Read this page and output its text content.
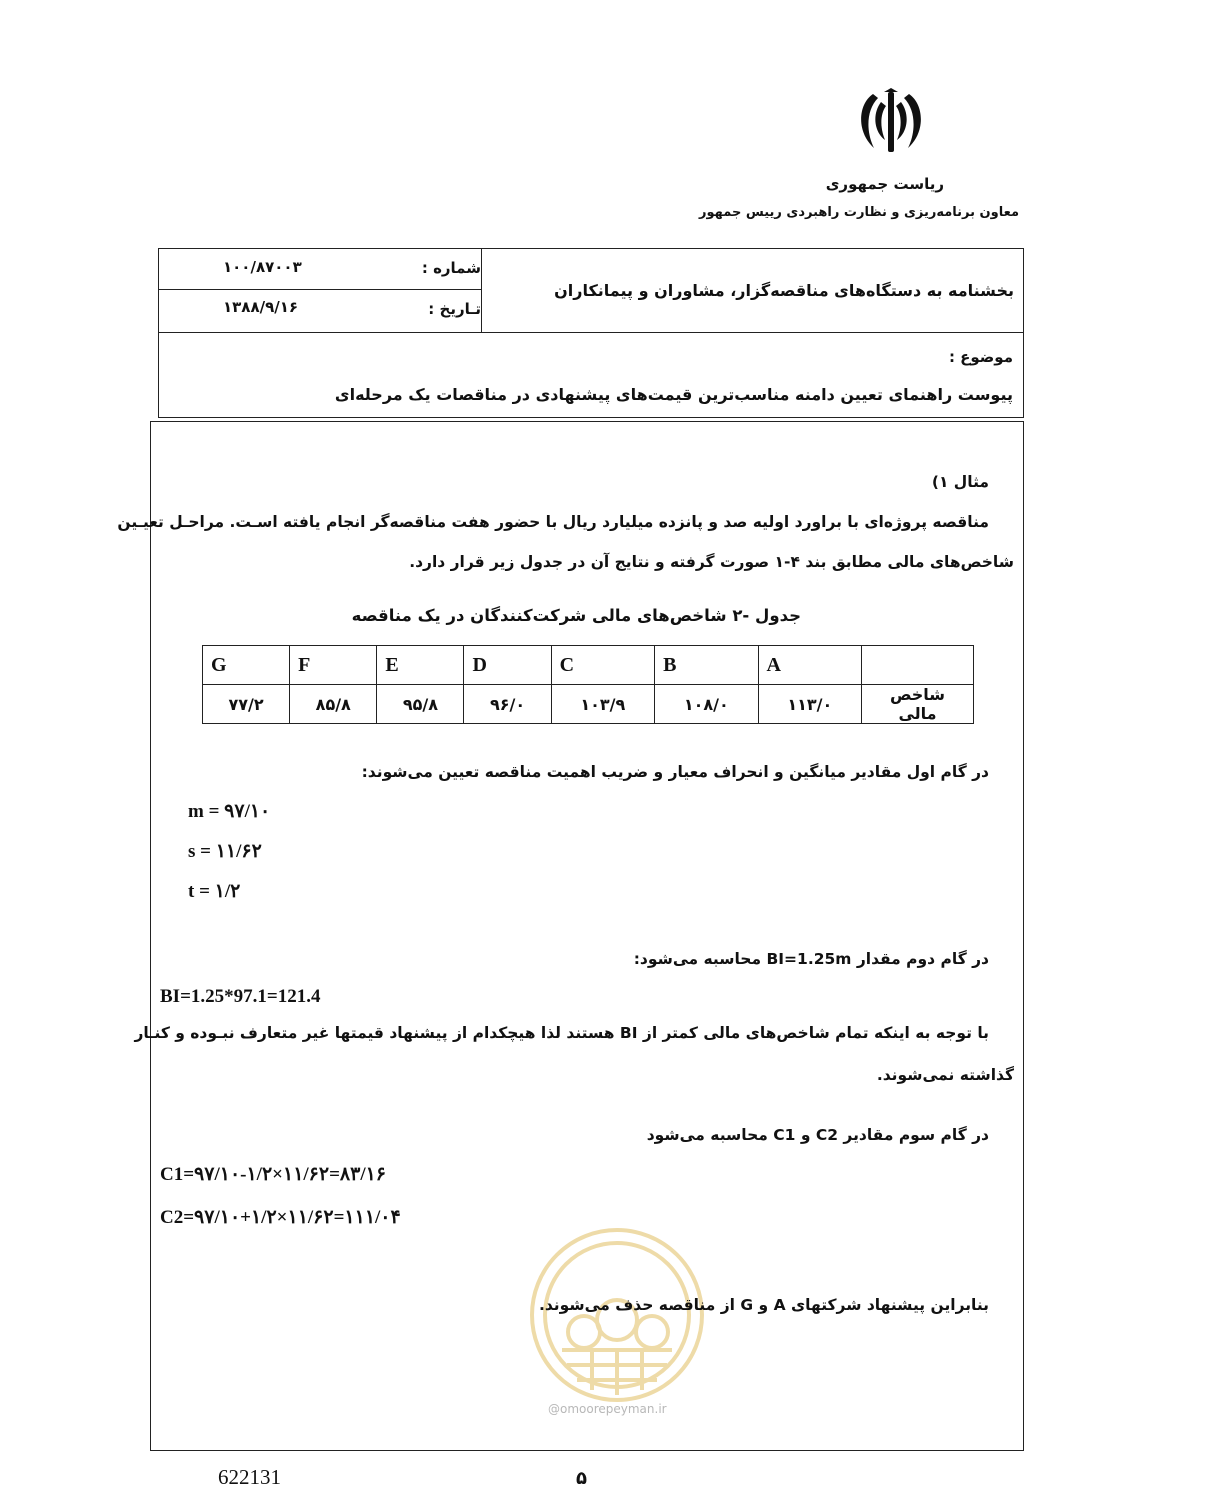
ریاست جمهوری
معاون برنامه‌ریزی و نظارت راهبردی رییس جمهور
شماره :
۱۰۰/۸۷۰۰۳
تـاریخ :
۱۳۸۸/۹/۱۶
بخشنامه به دستگاه‌های مناقصه‌گزار، مشاوران و پیمانکاران
موضوع :
پیوست راهنمای تعیین دامنه مناسب‌ترین قیمت‌های پیشنهادی در مناقصات یک مرحله‌ای
مثال ۱)
مناقصه پروژه‌ای با براورد اولیه صد و پانزده میلیارد ریال با حضور هفت مناقصه‌گر انجام یافته اسـت. مراحـل تعیـین
شاخص‌های مالی مطابق بند ۴-۱ صورت گرفته و نتایج آن در جدول زیر قرار دارد.
جدول -۲ شاخص‌های مالی شرکت‌کنندگان در یک مناقصه
	A	B	C	D	E	F	G
شاخص مالی	۱۱۳/۰	۱۰۸/۰	۱۰۳/۹	۹۶/۰	۹۵/۸	۸۵/۸	۷۷/۲
در گام اول مقادیر میانگین و انحراف معیار و ضریب اهمیت مناقصه تعیین می‌شوند:
m = ۹۷/۱۰
s = ۱۱/۶۲
t = ۱/۲
در گام دوم مقدار BI=1.25m محاسبه می‌شود:
BI=1.25*97.1=121.4
با توجه به اینکه تمام شاخص‌های مالی کمتر از BI هستند لذا هیچکدام از پیشنهاد قیمتها غیر متعارف نبـوده و کنـار
گذاشته نمی‌شوند.
در گام سوم مقادیر C2 و C1 محاسبه می‌شود
C1=۹۷/۱۰-۱/۲×۱۱/۶۲=۸۳/۱۶
C2=۹۷/۱۰+۱/۲×۱۱/۶۲=۱۱۱/۰۴
بنابراین پیشنهاد شرکتهای A و G از مناقصه حذف می‌شوند.
@omoorepeyman.ir
622131	۵
